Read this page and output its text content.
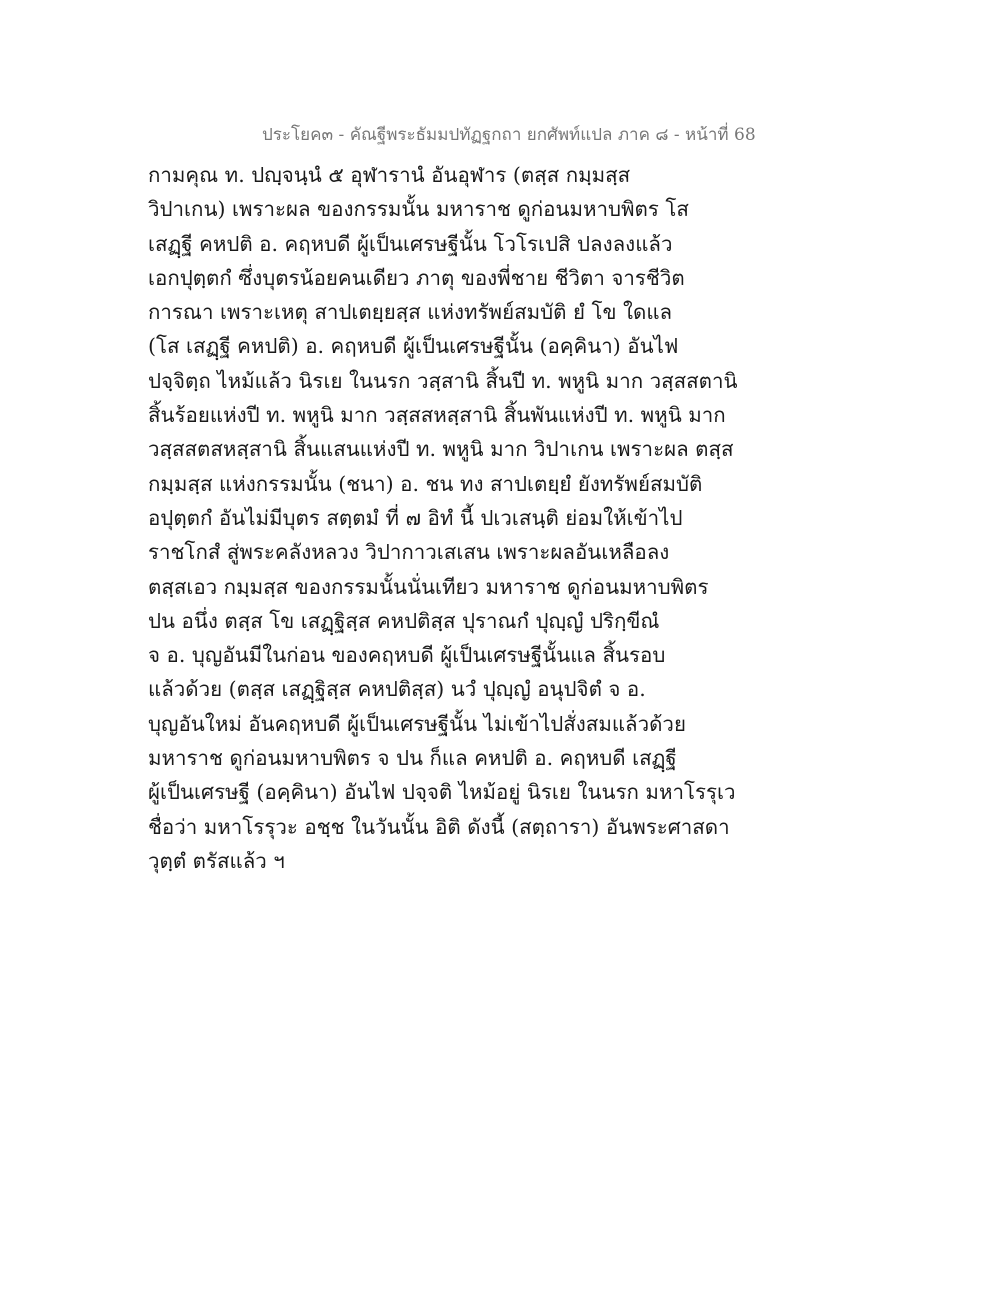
ประโยค๓ - คัณฐีพระธัมมปทัฏฐกถา ยกศัพท์แปล ภาค ๘ - หน้าที่ 68
กามคุณ ท. ปญฺจนฺนํ ๕ อุฬารานํ อันอุฬาร (ตสฺส กมฺมสฺส
วิปาเกน) เพราะผล ของกรรมนั้น มหาราช ดูก่อนมหาบพิตร โส
เสฏฺฐี คหปติ อ. คฤหบดี ผู้เป็นเศรษฐีนั้น โวโรเปสิ ปลงลงแล้ว
เอกปุตฺตกํ ซึ่งบุตรน้อยคนเดียว ภาตุ ของพี่ชาย ชีวิตา จารชีวิต
การณา เพราะเหตุ สาปเตยฺยสฺส แห่งทรัพย์สมบัติ ยํ โข ใดแล
(โส เสฏฺฐี คหปติ) อ. คฤหบดี ผู้เป็นเศรษฐีนั้น (อคฺคินา) อันไฟ
ปจฺจิตฺถ ไหม้แล้ว นิรเย ในนรก วสฺสานิ สิ้นปี ท. พหูนิ มาก วสฺสสตานิ
สิ้นร้อยแห่งปี ท. พหูนิ มาก วสฺสสหสฺสานิ สิ้นพันแห่งปี ท. พหูนิ มาก
วสฺสสตสหสฺสานิ สิ้นแสนแห่งปี ท. พหูนิ มาก วิปาเกน เพราะผล ตสฺส
กมฺมสฺส แห่งกรรมนั้น (ชนา) อ. ชน ทง สาปเตยฺยํ ยังทรัพย์สมบัติ
อปุตฺตกํ อันไม่มีบุตร สตฺตมํ ที่ ๗ อิทํ นี้ ปเวเสนฺติ ย่อมให้เข้าไป
ราชโกสํ สู่พระคลังหลวง วิปากาวเสเสน เพราะผลอันเหลือลง
ตสฺสเอว กมฺมสฺส ของกรรมนั้นนั่นเทียว มหาราช ดูก่อนมหาบพิตร
ปน อนึ่ง ตสฺส โข เสฏฺฐิสฺส คหปติสฺส ปุราณกํ ปุญฺญํ ปริกฺขีณํ
จ อ. บุญอันมีในก่อน ของคฤหบดี ผู้เป็นเศรษฐีนั้นแล สิ้นรอบ
แล้วด้วย (ตสฺส เสฏฺฐิสฺส คหปติสฺส) นวํ ปุญฺญํ อนุปจิตํ จ อ.
บุญอันใหม่ อันคฤหบดี ผู้เป็นเศรษฐีนั้น ไม่เข้าไปสั่งสมแล้วด้วย
มหาราช ดูก่อนมหาบพิตร จ ปน ก็แล คหปติ อ. คฤหบดี เสฏฺฐี
ผู้เป็นเศรษฐี (อคฺคินา) อันไฟ ปจฺจติ ไหม้อยู่ นิรเย ในนรก มหาโรรุเว
ชื่อว่า มหาโรรุวะ อชฺช ในวันนั้น อิติ ดังนี้ (สตฺถารา) อันพระศาสดา
วุตฺตํ ตรัสแล้ว ฯ
